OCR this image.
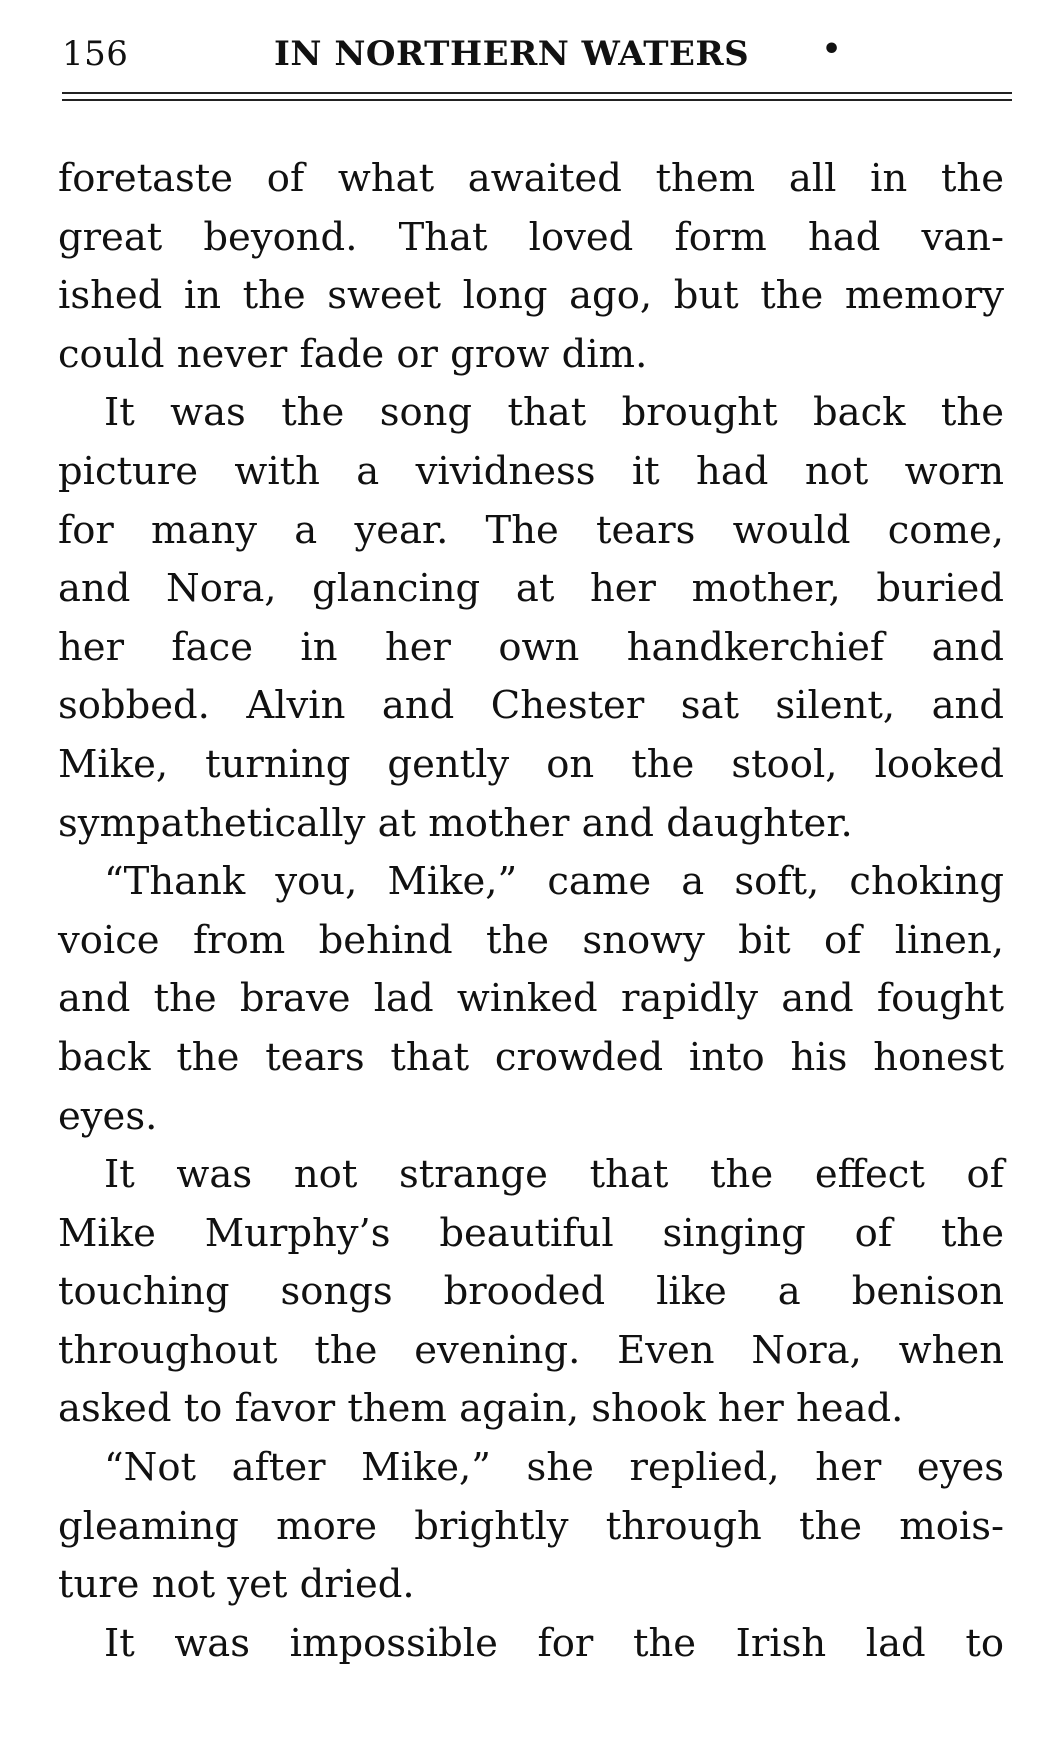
156	IN NORTHERN WATERS •
foretaste of what awaited them all in the
great beyond. That loved form had van-
ished in the sweet long ago, but the memory
could never fade or grow dim.
It was the song that brought back the
picture with a vividness it had not worn
for many a year. The tears would come,
and Nora, glancing at her mother, buried
her face in her own handkerchief and
sobbed. Alvin and Chester sat silent, and
Mike, turning gently on the stool, looked
sympathetically at mother and daughter.
“Thank you, Mike,” came a soft, choking
voice from behind the snowy bit of linen,
and the brave lad winked rapidly and fought
back the tears that crowded into his honest
eyes.
It was not strange that the effect of
Mike Murphy’s beautiful singing of the
touching songs brooded like a benison
throughout the evening. Even Nora, when
asked to favor them again, shook her head.
“Not after Mike,” she replied, her eyes
gleaming more brightly through the mois-
ture not yet dried.
It was impossible for the Irish lad to
